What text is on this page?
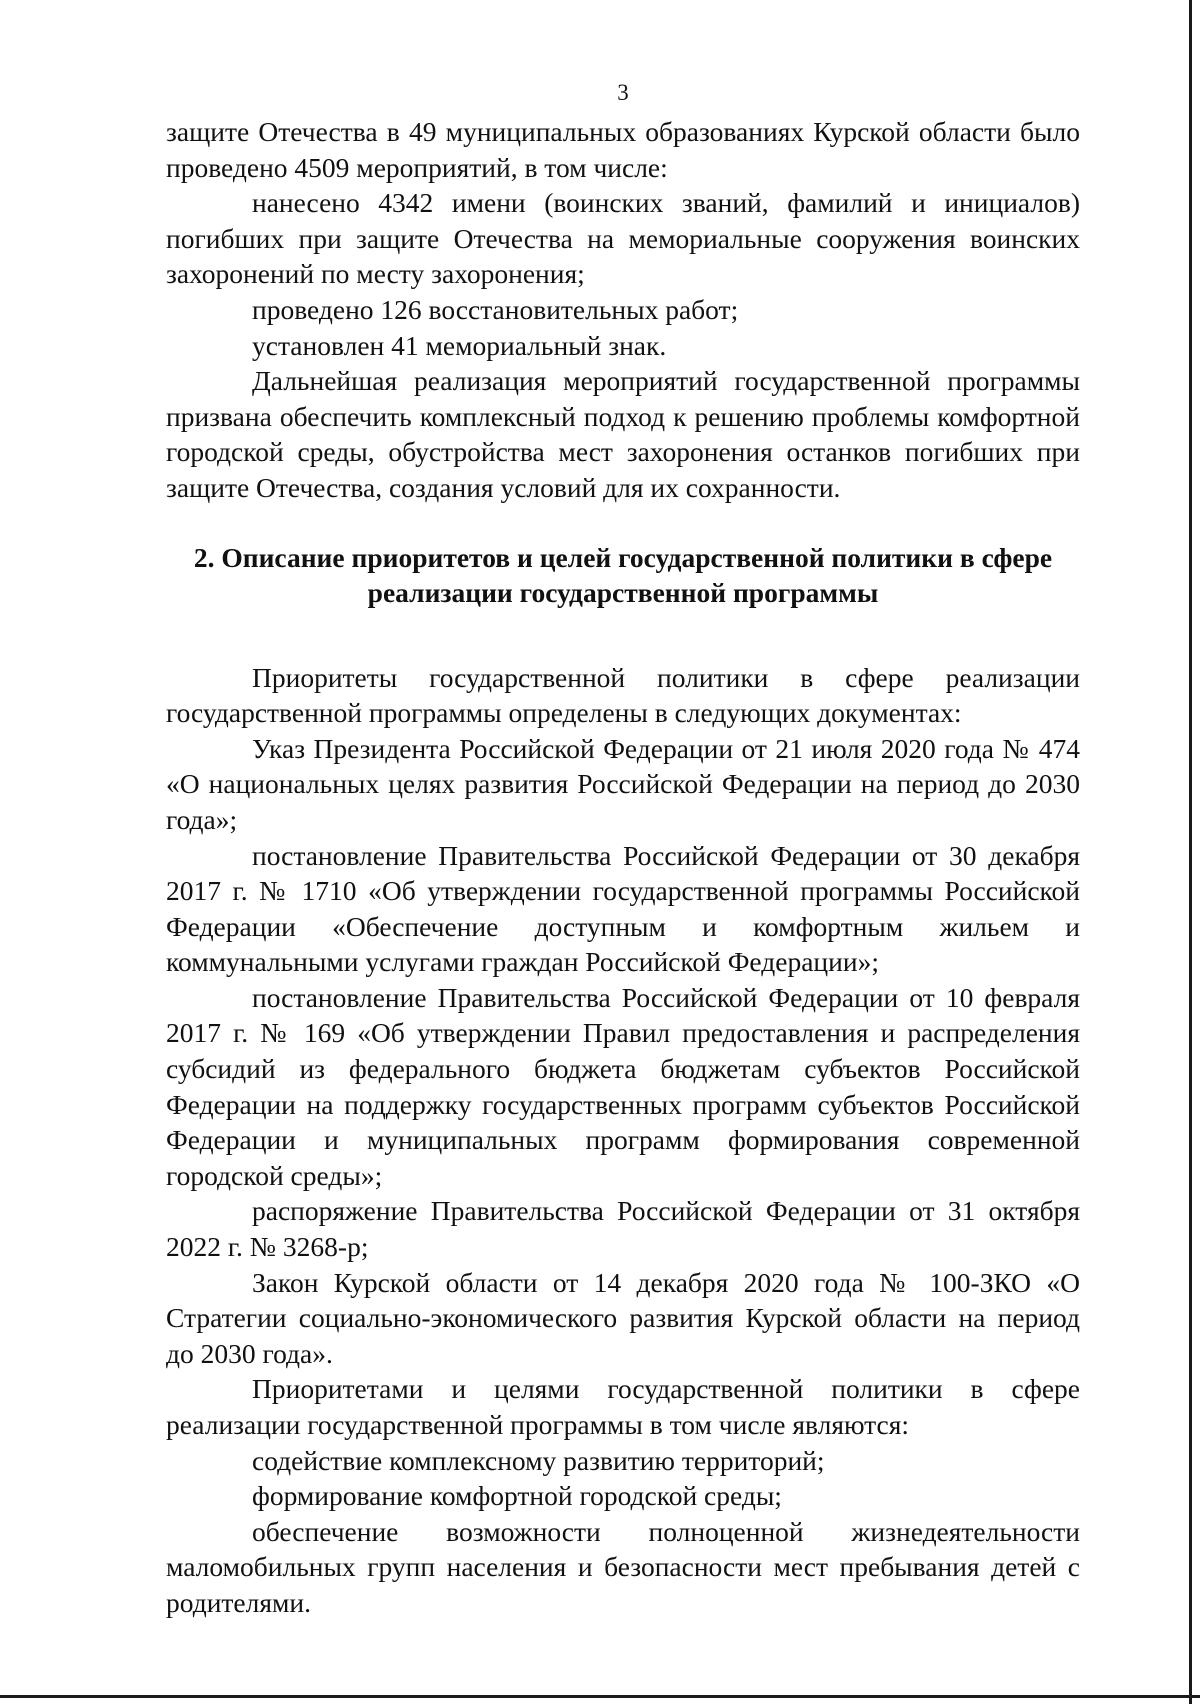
3

защите Отечества в 49 муниципальных образованиях Курской области было проведено 4509 мероприятий, в том числе:

нанесено 4342 имени (воинских званий, фамилий и инициалов) погибших при защите Отечества на мемориальные сооружения воинских захоронений по месту захоронения;

проведено 126 восстановительных работ;

установлен 41 мемориальный знак.

Дальнейшая реализация мероприятий государственной программы призвана обеспечить комплексный подход к решению проблемы комфортной городской среды, обустройства мест захоронения останков погибших при защите Отечества, создания условий для их сохранности.

2. Описание приоритетов и целей государственной политики в сфере реализации государственной программы

Приоритеты государственной политики в сфере реализации государственной программы определены в следующих документах:

Указ Президента Российской Федерации от 21 июля 2020 года № 474 «О национальных целях развития Российской Федерации на период до 2030 года»;

постановление Правительства Российской Федерации от 30 декабря 2017 г. № 1710 «Об утверждении государственной программы Российской Федерации «Обеспечение доступным и комфортным жильем и коммунальными услугами граждан Российской Федерации»;

постановление Правительства Российской Федерации от 10 февраля 2017 г. № 169 «Об утверждении Правил предоставления и распределения субсидий из федерального бюджета бюджетам субъектов Российской Федерации на поддержку государственных программ субъектов Российской Федерации и муниципальных программ формирования современной городской среды»;

распоряжение Правительства Российской Федерации от 31 октября 2022 г. № 3268-р;

Закон Курской области от 14 декабря 2020 года № 100-ЗКО «О Стратегии социально-экономического развития Курской области на период до 2030 года».

Приоритетами и целями государственной политики в сфере реализации государственной программы в том числе являются:

содействие комплексному развитию территорий;

формирование комфортной городской среды;

обеспечение возможности полноценной жизнедеятельности маломобильных групп населения и безопасности мест пребывания детей с родителями.
